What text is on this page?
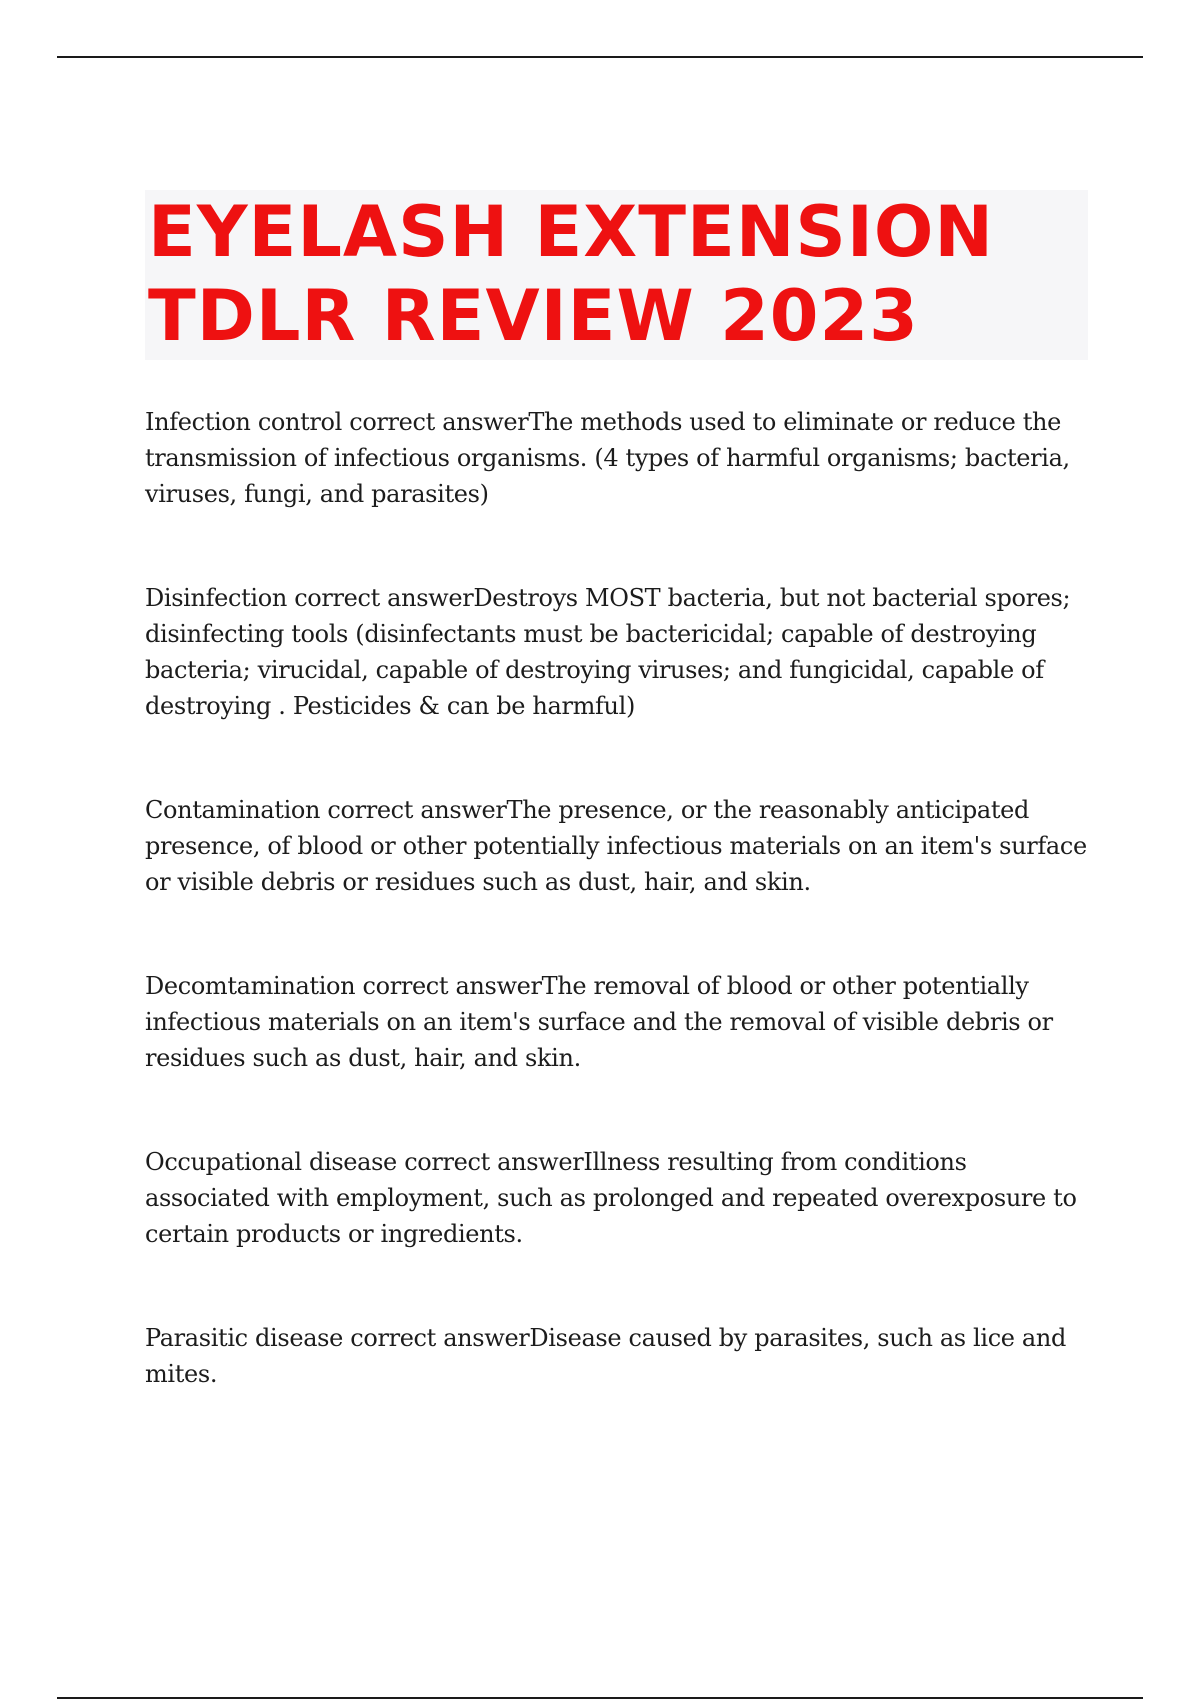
EYELASH EXTENSION
TDLR REVIEW 2023

Infection control correct answerThe methods used to eliminate or reduce the transmission of infectious organisms. (4 types of harmful organisms; bacteria, viruses, fungi, and parasites)

Disinfection correct answerDestroys MOST bacteria, but not bacterial spores; disinfecting tools (disinfectants must be bactericidal; capable of destroying bacteria; virucidal, capable of destroying viruses; and fungicidal, capable of destroying . Pesticides & can be harmful)

Contamination correct answerThe presence, or the reasonably anticipated presence, of blood or other potentially infectious materials on an item's surface or visible debris or residues such as dust, hair, and skin.

Decomtamination correct answerThe removal of blood or other potentially infectious materials on an item's surface and the removal of visible debris or residues such as dust, hair, and skin.

Occupational disease correct answerIllness resulting from conditions associated with employment, such as prolonged and repeated overexposure to certain products or ingredients.

Parasitic disease correct answerDisease caused by parasites, such as lice and mites.
